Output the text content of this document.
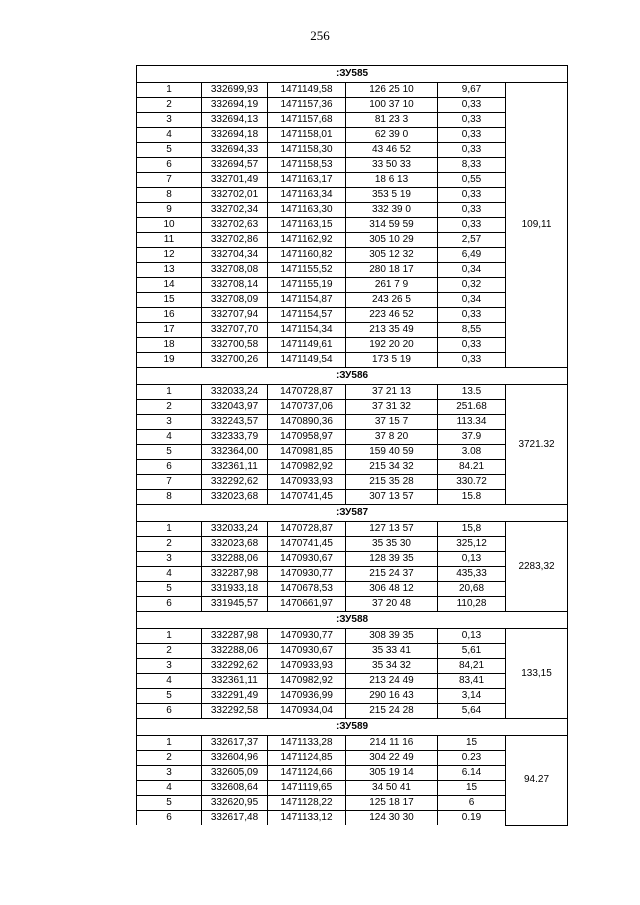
256
:ЗУ585					
1	332699,93	1471149,58	126 25 10	9,67	109,11
2	332694,19	1471157,36	100 37 10	0,33	
3	332694,13	1471157,68	81 23 3	0,33	
4	332694,18	1471158,01	62 39 0	0,33	
5	332694,33	1471158,30	43 46 52	0,33	
6	332694,57	1471158,53	33 50 33	8,33	
7	332701,49	1471163,17	18 6 13	0,55	
8	332702,01	1471163,34	353 5 19	0,33	
9	332702,34	1471163,30	332 39 0	0,33	
10	332702,63	1471163,15	314 59 59	0,33	
11	332702,86	1471162,92	305 10 29	2,57	
12	332704,34	1471160,82	305 12 32	6,49	
13	332708,08	1471155,52	280 18 17	0,34	
14	332708,14	1471155,19	261 7 9	0,32	
15	332708,09	1471154,87	243 26 5	0,34	
16	332707,94	1471154,57	223 46 52	0,33	
17	332707,70	1471154,34	213 35 49	8,55	
18	332700,58	1471149,61	192 20 20	0,33	
19	332700,26	1471149,54	173 5 19	0,33	
:ЗУ586					
1	332033,24	1470728,87	37 21 13	13.5	3721.32
2	332043,97	1470737,06	37 31 32	251.68	
3	332243,57	1470890,36	37 15 7	113.34	
4	332333,79	1470958,97	37 8 20	37.9	
5	332364,00	1470981,85	159 40 59	3.08	
6	332361,11	1470982,92	215 34 32	84.21	
7	332292,62	1470933,93	215 35 28	330.72	
8	332023,68	1470741,45	307 13 57	15.8	
:ЗУ587					
1	332033,24	1470728,87	127 13 57	15,8	2283,32
2	332023,68	1470741,45	35 35 30	325,12	
3	332288,06	1470930,67	128 39 35	0,13	
4	332287,98	1470930,77	215 24 37	435,33	
5	331933,18	1470678,53	306 48 12	20,68	
6	331945,57	1470661,97	37 20 48	110,28	
:ЗУ588					
1	332287,98	1470930,77	308 39 35	0,13	133,15
2	332288,06	1470930,67	35 33 41	5,61	
3	332292,62	1470933,93	35 34 32	84,21	
4	332361,11	1470982,92	213 24 49	83,41	
5	332291,49	1470936,99	290 16 43	3,14	
6	332292,58	1470934,04	215 24 28	5,64	
:ЗУ589					
1	332617,37	1471133,28	214 11 16	15	94.27
2	332604,96	1471124,85	304 22 49	0.23	
3	332605,09	1471124,66	305 19 14	6.14	
4	332608,64	1471119,65	34 50 41	15	
5	332620,95	1471128,22	125 18 17	6	
6	332617,48	1471133,12	124 30 30	0.19	
